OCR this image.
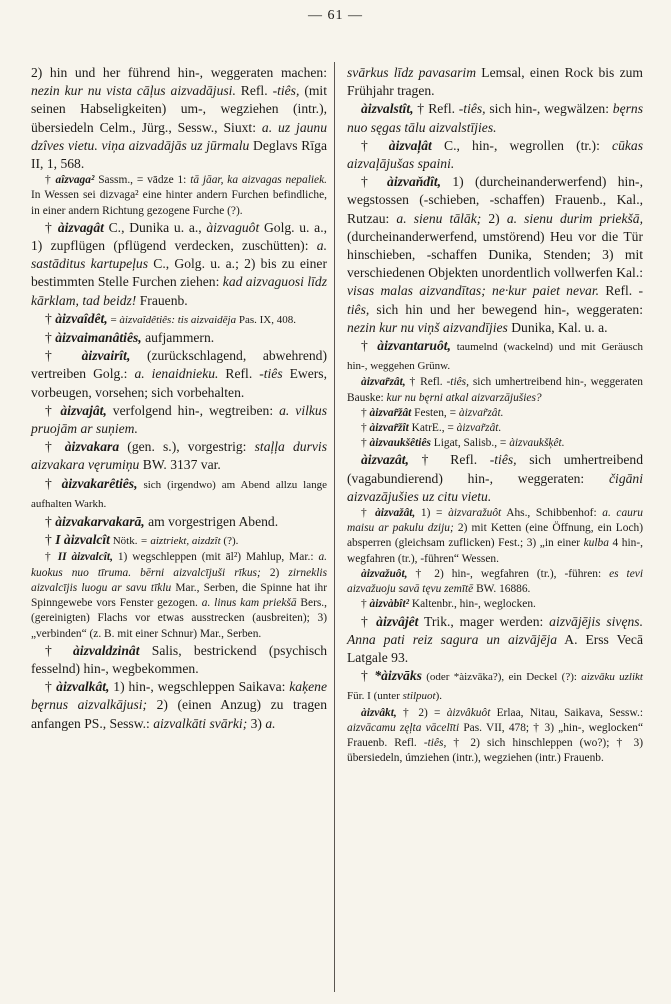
— 61 —

2) hin und her führend hin-, weggeraten machen: nezin kur nu vista cāļus aizvadājusi. Refl. -tiês, (mit seinen Habseligkeiten) um-, wegziehen (intr.), übersiedeln Celm., Jürg., Sessw., Siuxt: a. uz jaunu dzîves vietu. viņa aizvadājās uz jūrmalu Deglavs Rīga II, 1, 568.

† aîzvaga² Sassm., = vādze 1: tā jāar, ka aizvagas nepaliek. In Wessen sei dizvaga² eine hinter andern Furchen befindliche, in einer andern Richtung gezogene Furche (?).

† àizvagât C., Dunika u. a., àizvaguôt Golg. u. a., 1) zupflügen (pflügend verdecken, zuschütten): a. sastāditus kartupeļus C., Golg. u. a.; 2) bis zu einer bestimmten Stelle Furchen ziehen: kad aizvaguosi līdz kārklam, tad beidz! Frauenb.

† àizvaîdêt, = àizvaîdêtiês: tis aizvaidēja Pas. IX, 408.

† àizvaimanâtiês, aufjammern.

† àizvairît, (zurückschlagend, abwehrend) vertreiben Golg.: a. ienaidnieku. Refl. -tiês Ewers, vorbeugen, vorsehen; sich vorbehalten.

† àizvajât, verfolgend hin-, wegtreiben: a. vilkus pruojām ar suņiem.

† àizvakara (gen. s.), vorgestrig: staļļa durvis aizvakara vęrumiņu BW. 3137 var.

† àizvakarêtiês, sich (irgendwo) am Abend allzu lange aufhalten Warkh.

† àizvakarvakarā, am vorgestrigen Abend.

† I àizvalcît Nötk. = aiztriekt, aizdzît (?).

† II àizvalcît, 1) wegschleppen (mit āl²) Mahlup, Mar.: a. kuokus nuo tīruma. bērni aizvalcījuši rīkus; 2) zirneklis aizvalcījis luogu ar savu tīklu Mar., Serben, die Spinne hat ihr Spinngewebe vors Fenster gezogen. a. linus kam priekšā Bers., (gereinigten) Flachs vor etwas ausstrecken (ausbreiten); 3) „verbinden“ (z. B. mit einer Schnur) Mar., Serben.

† àizvaldzinât Salis, bestrickend (psychisch fesselnd) hin-, wegbekommen.

† àizvalkât, 1) hin-, wegschleppen Saikava: kaķene bęrnus aizvalkājusi; 2) (einen Anzug) zu tragen anfangen PS., Sessw.: aizvalkāti svārki; 3) a.

svārkus līdz pavasarim Lemsal, einen Rock bis zum Frühjahr tragen.

àizvalstît, † Refl. -tiês, sich hin-, wegwälzen: bęrns nuo sęgas tālu aizvalstījies.

† àizvaļât C., hin-, wegrollen (tr.): cūkas aizvaļājušas spaini.

† àizvaňdît, 1) (durcheinanderwerfend) hin-, wegstossen (-schieben, -schaffen) Frauenb., Kal., Rutzau: a. sienu tālāk; 2) a. sienu durim priekšā, (durcheinanderwerfend, umstörend) Heu vor die Tür hinschieben, -schaffen Dunika, Stenden; 3) mit verschiedenen Objekten unordentlich vollwerfen Kal.: visas malas aizvandītas; ne·kur paiet nevar. Refl. -tiês, sich hin und her bewegend hin-, weggeraten: nezin kur nu viņš aizvandījies Dunika, Kal. u. a.

† àizvantaruôt, taumelnd (wackelnd) und mit Geräusch hin-, weggehen Grünw.

àizvar̃zât, † Refl. -tiês, sich umhertreibend hin-, weggeraten Bauske: kur nu bęrni atkal aizvarzājušies?

† àizvar̃žât Festen, = àizvar̃zât.

† àizvar̃žît KatrE., = àizvar̃zât.

† àizvaukšêtiês Ligat, Salisb., = àizvaukšķêt.

àizvazât, † Refl. -tiês, sich umhertreibend (vagabundierend) hin-, weggeraten: čigāni aizvazājušies uz citu vietu.

† àizvažât, 1) = àizvaražuôt Ahs., Schibbenhof: a. cauru maisu ar pakulu dziju; 2) mit Ketten (eine Öffnung, ein Loch) absperren (gleichsam zuflicken) Fest.; 3) „in einer kulba 4 hin-, wegfahren (tr.), -führen“ Wessen.

àizvažuôt, † 2) hin-, wegfahren (tr.), -führen: es tevi aizvažuoju savā tęvu zemītē BW. 16886.

† àizvàbît² Kaltenbr., hin-, weglocken.

† àizvâjêt Trik., mager werden: aizvājējis sivęns. Anna pati reiz sagura un aizvājēja A. Erss Vecā Latgale 93.

† *àizvāks (oder *àizvāka?), ein Deckel (?): aizvāku uzlikt Für. I (unter stilpuot).

àizvâkt, † 2) = àizvâkuôt Erlaa, Nitau, Saikava, Sessw.: aizvācamu zęļta vācelīti Pas. VII, 478; † 3) „hin-, weglocken“ Frauenb. Refl. -tiês, † 2) sich hinschleppen (wo?); † 3) übersiedeln, úmziehen (intr.), wegziehen (intr.) Frauenb.
